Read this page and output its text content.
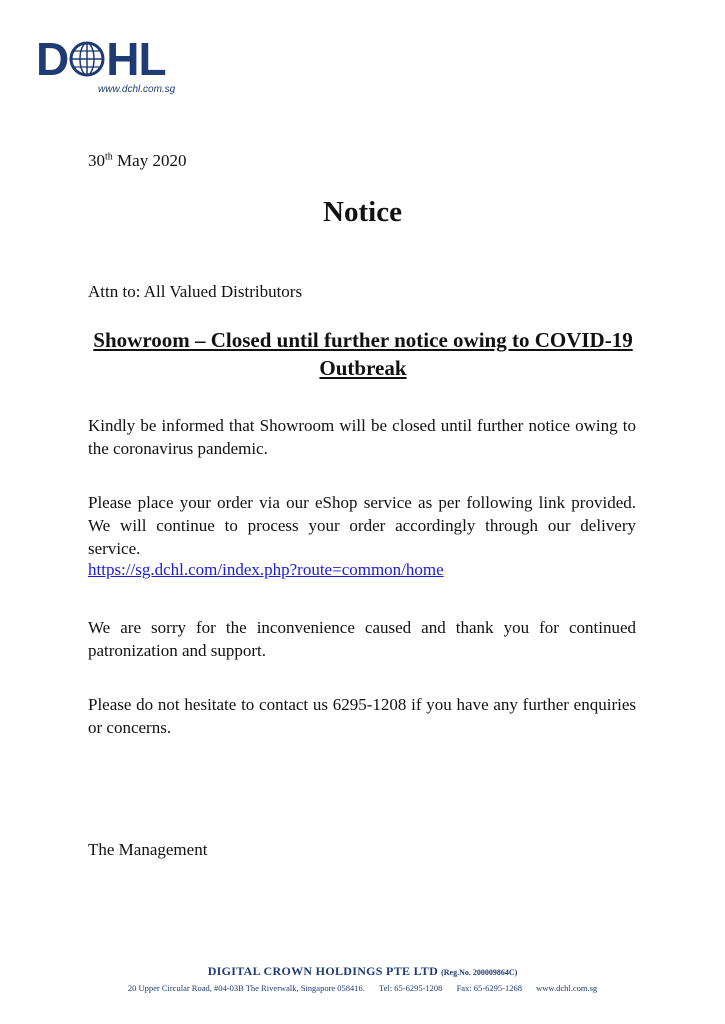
D HL
www.dchl.com.sg
30th May 2020
Notice
Attn to: All Valued Distributors
Showroom – Closed until further notice owing to COVID-19 Outbreak
Kindly be informed that Showroom will be closed until further notice owing to the coronavirus pandemic.
Please place your order via our eShop service as per following link provided. We will continue to process your order accordingly through our delivery service.
https://sg.dchl.com/index.php?route=common/home
We are sorry for the inconvenience caused and thank you for continued patronization and support.
Please do not hesitate to contact us 6295-1208 if you have any further enquiries or concerns.
The Management
DIGITAL CROWN HOLDINGS PTE LTD (Reg.No. 200009864C)
20 Upper Circular Road, #04-03B The Riverwalk, Singapore 058416. Tel: 65-6295-1208 Fax: 65-6295-1268 www.dchl.com.sg
